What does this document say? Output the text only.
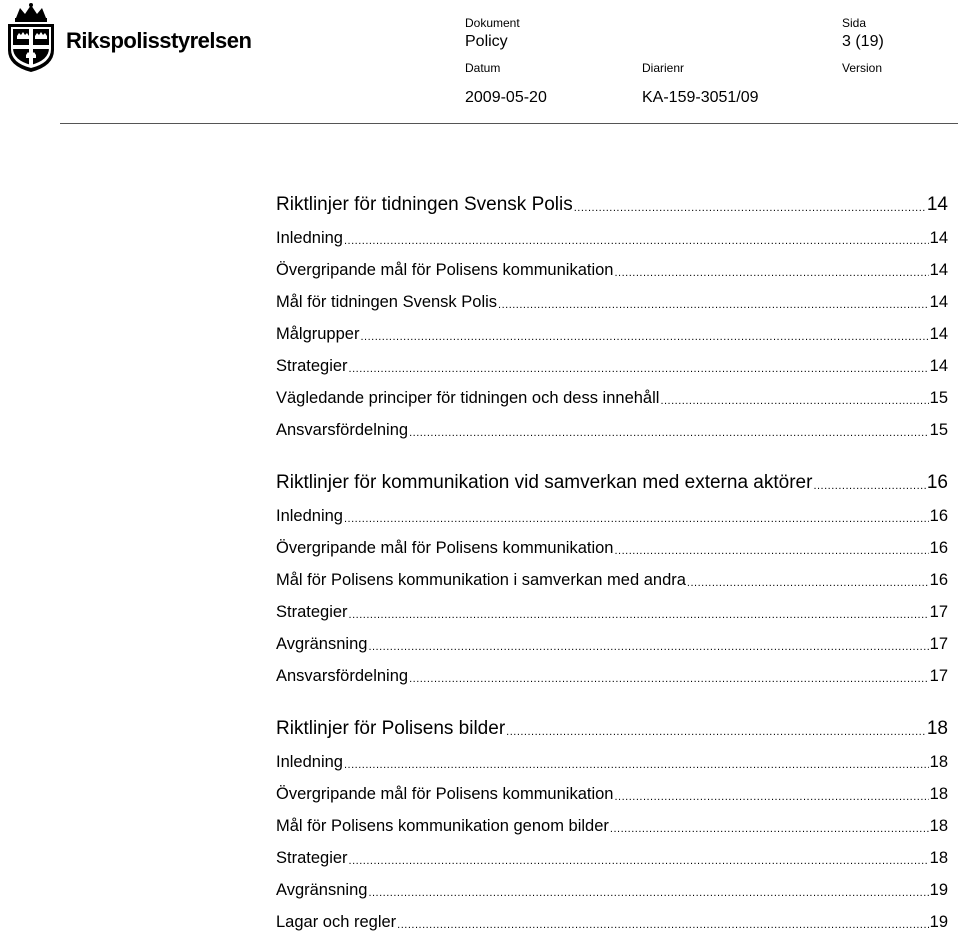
Rikspolisstyrelsen
Dokument
Policy
Sida
3 (19)
Datum
2009-05-20
Diarienr
KA-159-3051/09
Version
Riktlinjer för tidningen Svensk Polis .....	14
Inledning .....	14
Övergripande mål för Polisens kommunikation .....	14
Mål för tidningen Svensk Polis .....	14
Målgrupper .....	14
Strategier .....	14
Vägledande principer för tidningen och dess innehåll .....	15
Ansvarsfördelning .....	15
Riktlinjer för kommunikation vid samverkan med externa aktörer .....	16
Inledning .....	16
Övergripande mål för Polisens kommunikation .....	16
Mål för Polisens kommunikation i samverkan med andra .....	16
Strategier .....	17
Avgränsning .....	17
Ansvarsfördelning .....	17
Riktlinjer för Polisens bilder .....	18
Inledning .....	18
Övergripande mål för Polisens kommunikation .....	18
Mål för Polisens kommunikation genom bilder .....	18
Strategier .....	18
Avgränsning .....	19
Lagar och regler .....	19
